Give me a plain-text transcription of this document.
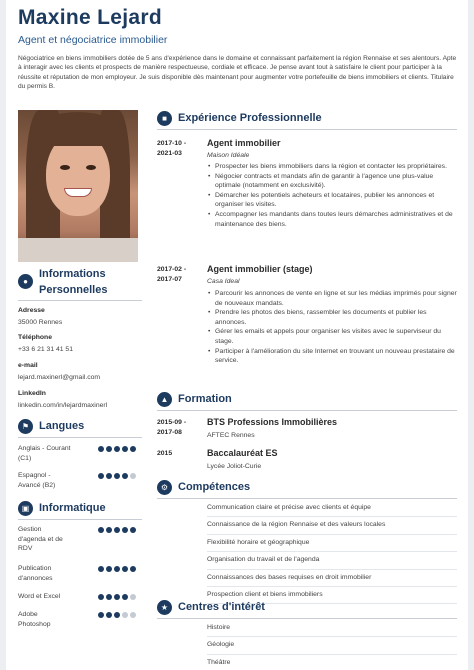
Maxine Lejard
Agent et négociatrice immobilier
Négociatrice en biens immobiliers dotée de 5 ans d'expérience dans le domaine et connaissant parfaitement la région Rennaise et ses alentours. Apte à interagir avec les clients et prospects de manière respectueuse, cordiale et efficace. Je pense avant tout à satisfaire le client pour participer à la réussite et réputation de mon employeur. Je suis disponible dès maintenant pour augmenter votre portefeuille de biens immobiliers et clients. Titulaire du permis B.
●
Informations
Personnelles
Adresse
35000 Rennes
Téléphone
+33 6 21 31 41 51
e-mail
lejard.maxinerl@gmail.com
LinkedIn
linkedin.com/in/lejardmaxinerl
⚑ Langues
Anglais - Courant
(C1)
Espagnol -
Avancé (B2)
▣ Informatique
Gestion
d'agenda et de
RDV
Publication
d'annonces
Word et Excel
Adobe
Photoshop
■	Expérience Professionnelle
2017-10 -
2021-03
Agent immobilier
Maison Idéale
• Prospecter les biens immobiliers dans la région et contacter les propriétaires.
• Négocier contracts et mandats afin de garantir à l'agence une plus-value optimale (notamment en exclusivité).
• Démarcher les potentiels acheteurs et locataires, publier les annonces et organiser les visites.
• Accompagner les mandants dans toutes leurs démarches administratives et de maintenance des biens.
2017-02 -
2017-07
Agent immobilier (stage)
Casa Ideal
• Parcourir les annonces de vente en ligne et sur les médias imprimés pour signer de nouveaux mandats.
• Prendre les photos des biens, rassembler les documents et publier les annonces.
• Gérer les emails et appels pour organiser les visites avec le superviseur du stage.
• Participer à l'amélioration du site Internet en trouvant un nouveau prestataire de service.
▲ Formation
2015-09 -
2017-08
BTS Professions Immobilières
AFTEC Rennes
2015	Baccalauréat ES
Lycée Joliot-Curie
⚙ Compétences
Communication claire et précise avec clients et équipe
Connaissance de la région Rennaise et des valeurs locales
Flexibilité horaire et géographique
Organisation du travail et de l'agenda
Connaissances des bases requises en droit immobilier
Prospection client et biens immobiliers
★ Centres d'intérêt
Histoire
Géologie
Théâtre
